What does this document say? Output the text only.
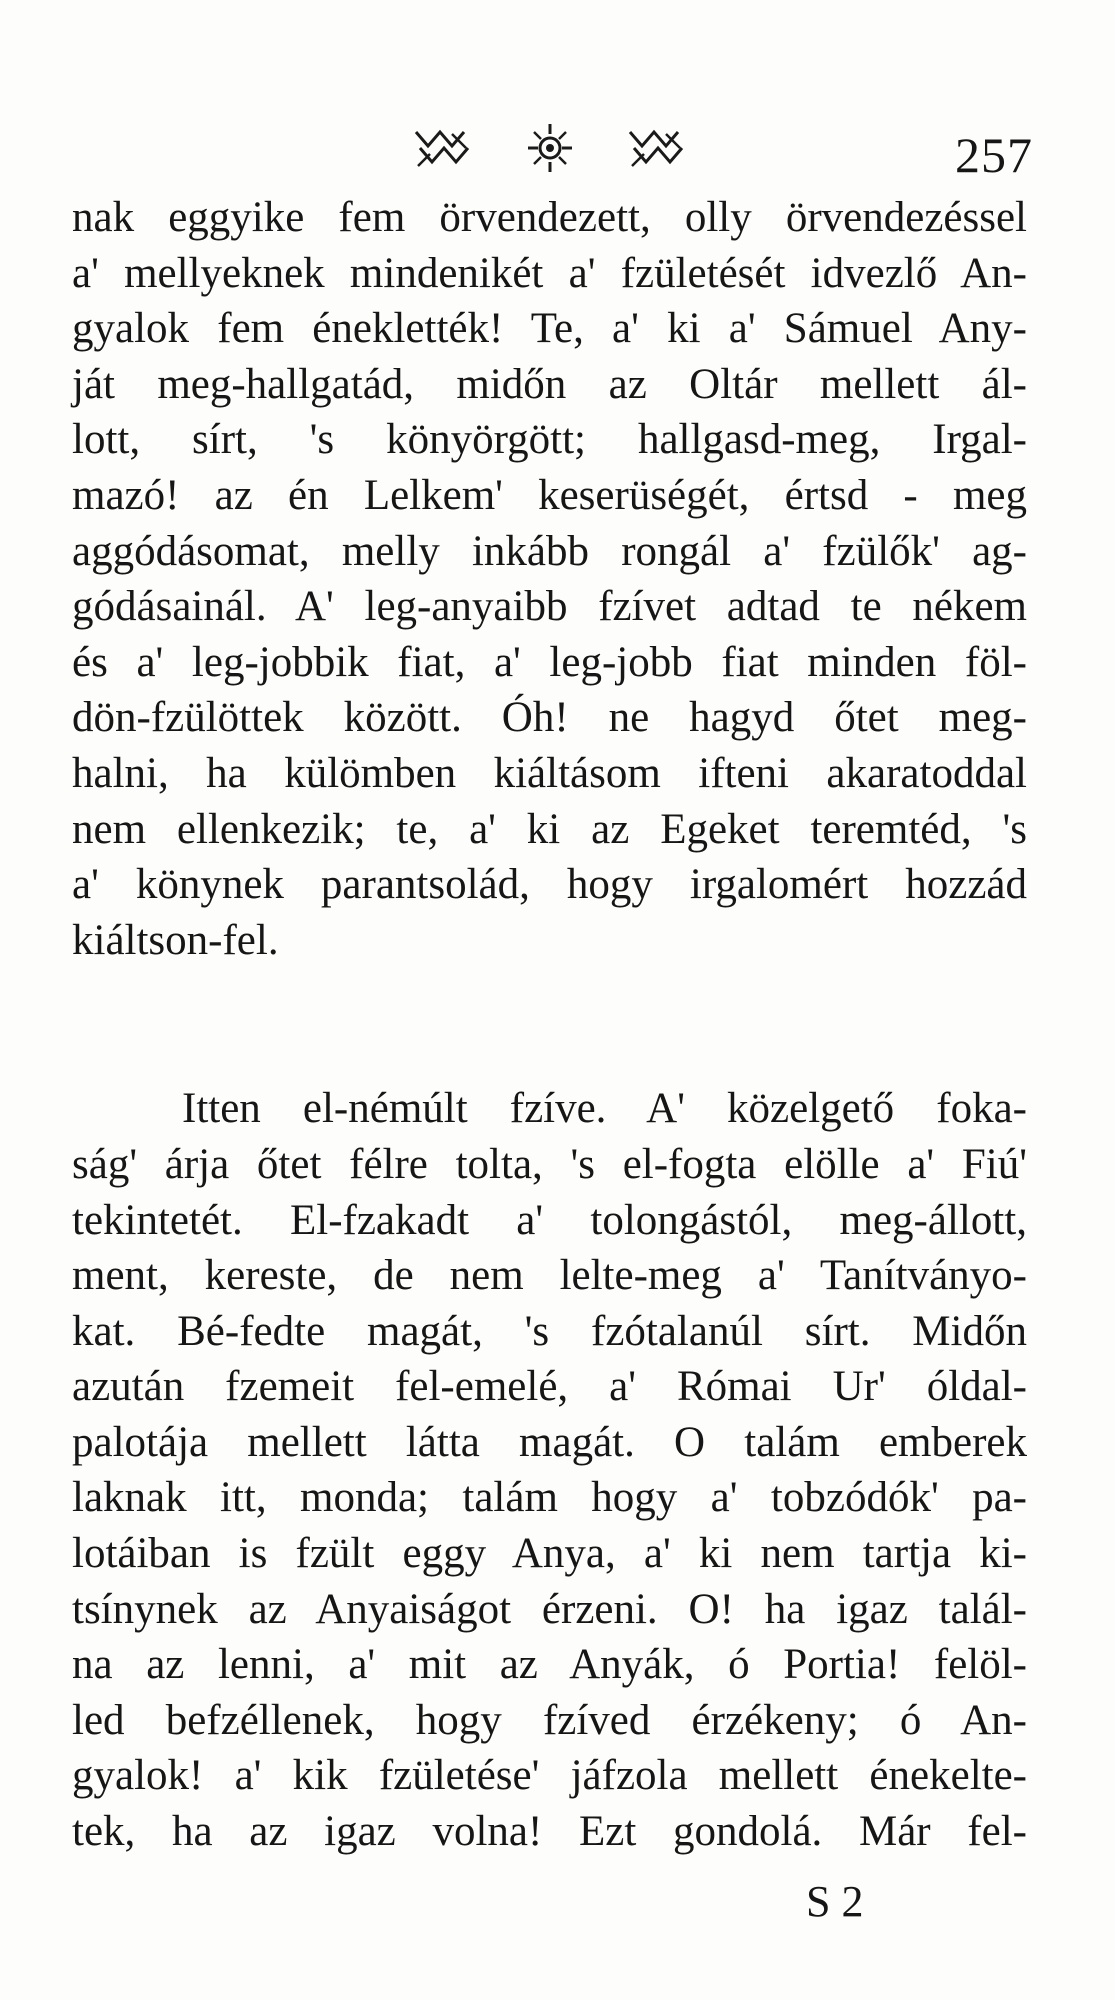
257
nak eggyike fem örvendezett, olly örvendezéssel
a' mellyeknek mindenikét a' fzületését idvezlő An-
gyalok fem éneklették! Te, a' ki a' Sámuel Any-
ját meg-hallgatád, midőn az Oltár mellett ál-
lott, sírt, 's könyörgött; hallgasd-meg, Irgal-
mazó! az én Lelkem' keserüségét, értsd - meg
aggódásomat, melly inkább rongál a' fzülők' ag-
gódásainál. A' leg-anyaibb fzívet adtad te nékem
és a' leg-jobbik fiat, a' leg-jobb fiat minden föl-
dön-fzülöttek között. Óh! ne hagyd őtet meg-
halni, ha külömben kiáltásom ifteni akaratoddal
nem ellenkezik; te, a' ki az Egeket teremtéd, 's
a' könynek parantsolád, hogy irgalomért hozzád
kiáltson-fel.
Itten el-némúlt fzíve. A' közelgető foka-
ság' árja őtet félre tolta, 's el-fogta elölle a' Fiú'
tekintetét. El-fzakadt a' tolongástól, meg-állott,
ment, kereste, de nem lelte-meg a' Tanítványo-
kat. Bé-fedte magát, 's fzótalanúl sírt. Midőn
azután fzemeit fel-emelé, a' Római Ur' óldal-
palotája mellett látta magát. O talám emberek
laknak itt, monda; talám hogy a' tobzódók' pa-
lotáiban is fzült eggy Anya, a' ki nem tartja ki-
tsínynek az Anyaiságot érzeni. O! ha igaz talál-
na az lenni, a' mit az Anyák, ó Portia! felöl-
led befzéllenek, hogy fzíved érzékeny; ó An-
gyalok! a' kik fzületése' jáfzola mellett énekelte-
tek, ha az igaz volna! Ezt gondolá. Már fel-
S 2
